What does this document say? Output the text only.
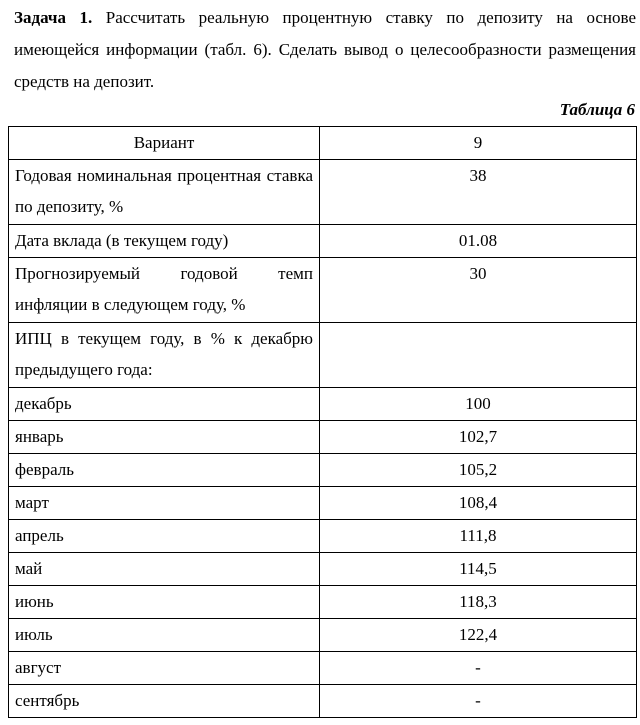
Задача 1. Рассчитать реальную процентную ставку по депозиту на основе имеющейся информации (табл. 6). Сделать вывод о целесообразности размещения средств на депозит.
Таблица 6
Вариант	9
Годовая номинальная процентная ставка по депозиту, %	38
Дата вклада (в текущем году)	01.08
Прогнозируемый годовой темп инфляции в следующем году, %	30
ИПЦ в текущем году, в % к декабрю предыдущего года:	
декабрь	100
январь	102,7
февраль	105,2
март	108,4
апрель	111,8
май	114,5
июнь	118,3
июль	122,4
август	-
сентябрь	-
